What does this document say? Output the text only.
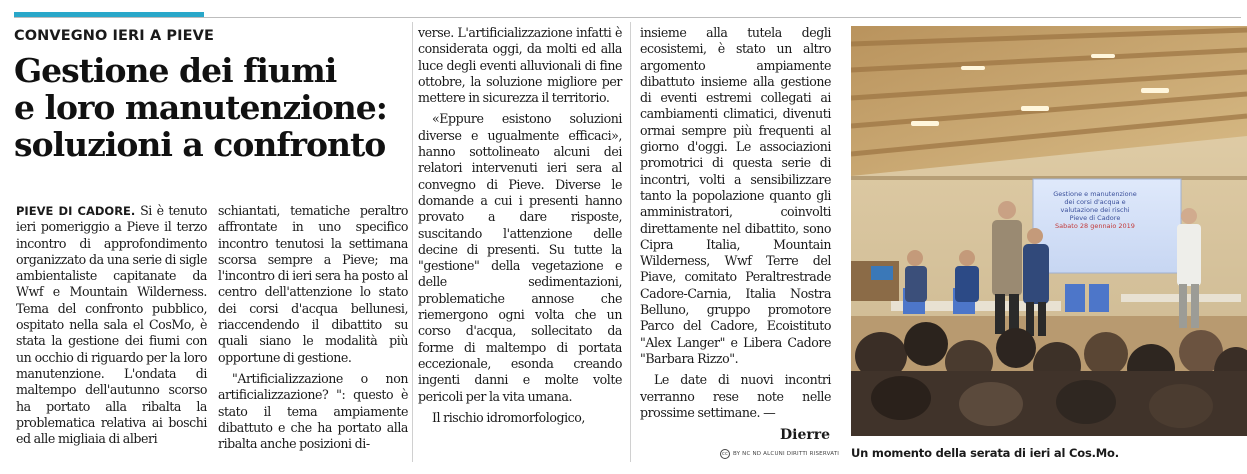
CONVEGNO IERI A PIEVE
Gestione dei fiumi
e loro manutenzione:
soluzioni a confronto

PIEVE DI CADORE. Si è tenuto ieri pomeriggio a Pieve il terzo incontro di approfondimento organizzato da una serie di sigle ambientaliste capitanate da Wwf e Mountain Wilderness. Tema del confronto pubblico, ospitato nella sala el CosMo, è stata la gestione dei fiumi con un occhio di riguardo per la loro manutenzione. L'ondata di maltempo dell'autunno scorso ha portato alla ribalta la problematica relativa ai boschi ed alle migliaia di alberi

schiantati, tematiche peraltro affrontate in uno specifico incontro tenutosi la settimana scorsa sempre a Pieve; ma l'incontro di ieri sera ha posto al centro dell'attenzione lo stato dei corsi d'acqua bellunesi, riaccendendo il dibattito su quali siano le modalità più opportune di gestione.

"Artificializzazione o non artificializzazione? ": questo è stato il tema ampiamente dibattuto e che ha portato alla ribalta anche posizioni di-

verse. L'artificializzazione infatti è considerata oggi, da molti ed alla luce degli eventi alluvionali di fine ottobre, la soluzione migliore per mettere in sicurezza il territorio.

«Eppure esistono soluzioni diverse e ugualmente efficaci», hanno sottolineato alcuni dei relatori intervenuti ieri sera al convegno di Pieve. Diverse le domande a cui i presenti hanno provato a dare risposte, suscitando l'attenzione delle decine di presenti. Su tutte la "gestione" della vegetazione e delle sedimentazioni, problematiche annose che riemergono ogni volta che un corso d'acqua, sollecitato da forme di maltempo di portata eccezionale, esonda creando ingenti danni e molte volte pericoli per la vita umana.

Il rischio idromorfologico,

insieme alla tutela degli ecosistemi, è stato un altro argomento ampiamente dibattuto insieme alla gestione di eventi estremi collegati ai cambiamenti climatici, divenuti ormai sempre più frequenti al giorno d'oggi. Le associazioni promotrici di questa serie di incontri, volti a sensibilizzare tanto la popolazione quanto gli amministratori, coinvolti direttamente nel dibattito, sono Cipra Italia, Mountain Wilderness, Wwf Terre del Piave, comitato Peraltrestrade Cadore-Carnia, Italia Nostra Belluno, gruppo promotore Parco del Cadore, Ecoistituto "Alex Langer" e Libera Cadore "Barbara Rizzo".

Le date di nuovi incontri verranno rese note nelle prossime settimane. —

Dierre
cc BY NC ND ALCUNI DIRITTI RISERVATI
Gestione e manutenzione
dei corsi d'acqua e
valutazione dei rischi
Pieve di Cadore
Sabato 28 gennaio 2019
Un momento della serata di ieri al Cos.Mo.
